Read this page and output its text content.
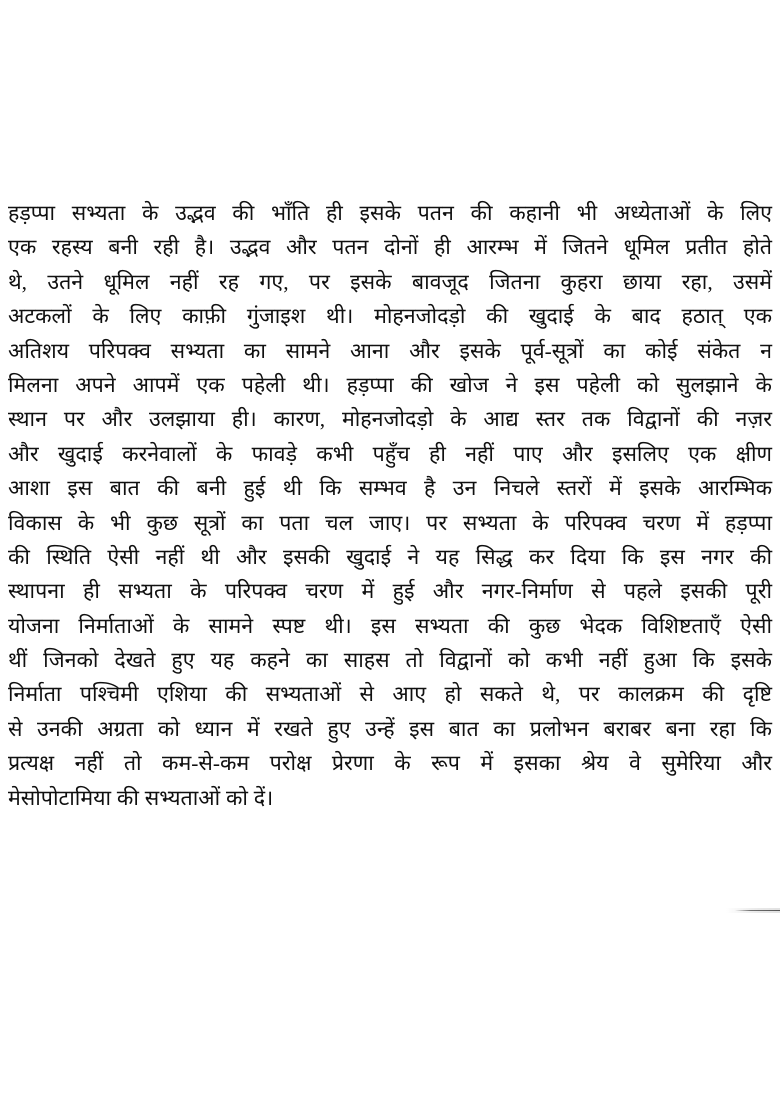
हड़प्पा सभ्यता के उद्भव की भाँति ही इसके पतन की कहानी भी अध्येताओं के लिए
एक रहस्य बनी रही है। उद्भव और पतन दोनों ही आरम्भ में जितने धूमिल प्रतीत होते
थे, उतने धूमिल नहीं रह गए, पर इसके बावजूद जितना कुहरा छाया रहा, उसमें
अटकलों के लिए काफ़ी गुंजाइश थी। मोहनजोदड़ो की खुदाई के बाद हठात् एक
अतिशय परिपक्व सभ्यता का सामने आना और इसके पूर्व-सूत्रों का कोई संकेत न
मिलना अपने आपमें एक पहेली थी। हड़प्पा की खोज ने इस पहेली को सुलझाने के
स्थान पर और उलझाया ही। कारण, मोहनजोदड़ो के आद्य स्तर तक विद्वानों की नज़र
और खुदाई करनेवालों के फावड़े कभी पहुँच ही नहीं पाए और इसलिए एक क्षीण
आशा इस बात की बनी हुई थी कि सम्भव है उन निचले स्तरों में इसके आरम्भिक
विकास के भी कुछ सूत्रों का पता चल जाए। पर सभ्यता के परिपक्व चरण में हड़प्पा
की स्थिति ऐसी नहीं थी और इसकी खुदाई ने यह सिद्ध कर दिया कि इस नगर की
स्थापना ही सभ्यता के परिपक्व चरण में हुई और नगर-निर्माण से पहले इसकी पूरी
योजना निर्माताओं के सामने स्पष्ट थी। इस सभ्यता की कुछ भेदक विशिष्टताएँ ऐसी
थीं जिनको देखते हुए यह कहने का साहस तो विद्वानों को कभी नहीं हुआ कि इसके
निर्माता पश्चिमी एशिया की सभ्यताओं से आए हो सकते थे, पर कालक्रम की दृष्टि
से उनकी अग्रता को ध्यान में रखते हुए उन्हें इस बात का प्रलोभन बराबर बना रहा कि
प्रत्यक्ष नहीं तो कम-से-कम परोक्ष प्रेरणा के रूप में इसका श्रेय वे सुमेरिया और
मेसोपोटामिया की सभ्यताओं को दें।
